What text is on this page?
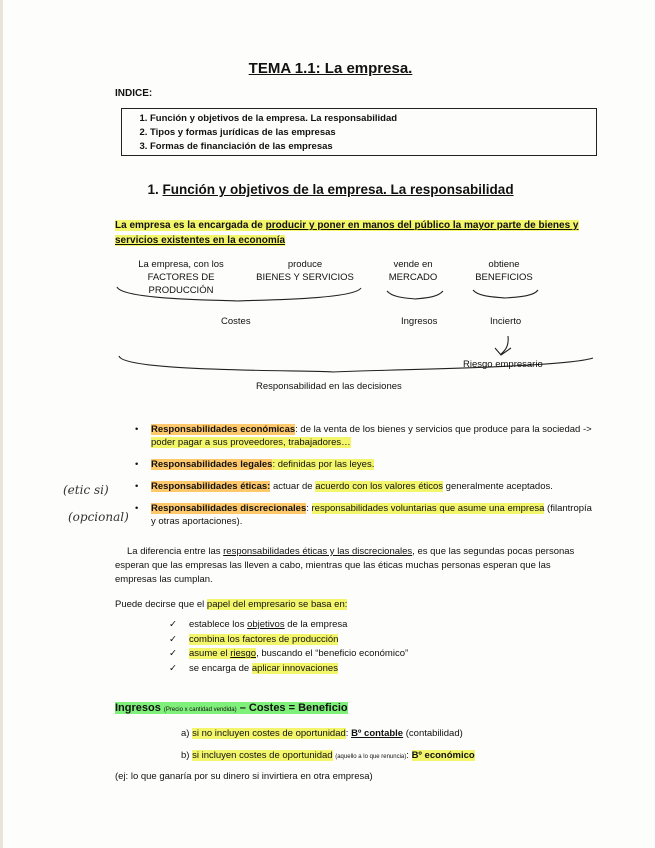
TEMA 1.1: La empresa.
INDICE:
1. Función y objetivos de la empresa. La responsabilidad
2. Tipos y formas jurídicas de las empresas
3. Formas de financiación de las empresas
1. Función y objetivos de la empresa. La responsabilidad
La empresa es la encargada de producir y poner en manos del público la mayor parte de bienes y servicios existentes en la economía
La empresa, con los
FACTORES DE PRODUCCIÓN
produce
BIENES Y SERVICIOS
vende en
MERCADO
obtiene
BENEFICIOS
Costes	Ingresos	Incierto
Riesgo empresario
Responsabilidad en las decisiones
(etic si)
(opcional)
• Responsabilidades económicas: de la venta de los bienes y servicios que produce para la sociedad -> poder pagar a sus proveedores, trabajadores…
• Responsabilidades legales: definidas por las leyes.
• Responsabilidades éticas: actuar de acuerdo con los valores éticos generalmente aceptados.
• Responsabilidades discrecionales: responsabilidades voluntarias que asume una empresa (filantropía y otras aportaciones).
La diferencia entre las responsabilidades éticas y las discrecionales, es que las segundas pocas personas esperan que las empresas las lleven a cabo, mientras que las éticas muchas personas esperan que las empresas las cumplan.
Puede decirse que el papel del empresario se basa en:
✓ establece los objetivos de la empresa
✓ combina los factores de producción
✓ asume el riesgo, buscando el “beneficio económico”
✓ se encarga de aplicar innovaciones
Ingresos (Precio x cantidad vendida) – Costes = Beneficio
a) si no incluyen costes de oportunidad: Bº contable (contabilidad)
b) si incluyen costes de oportunidad (aquello a lo que renuncia): Bº económico
(ej: lo que ganaría por su dinero si invirtiera en otra empresa)
